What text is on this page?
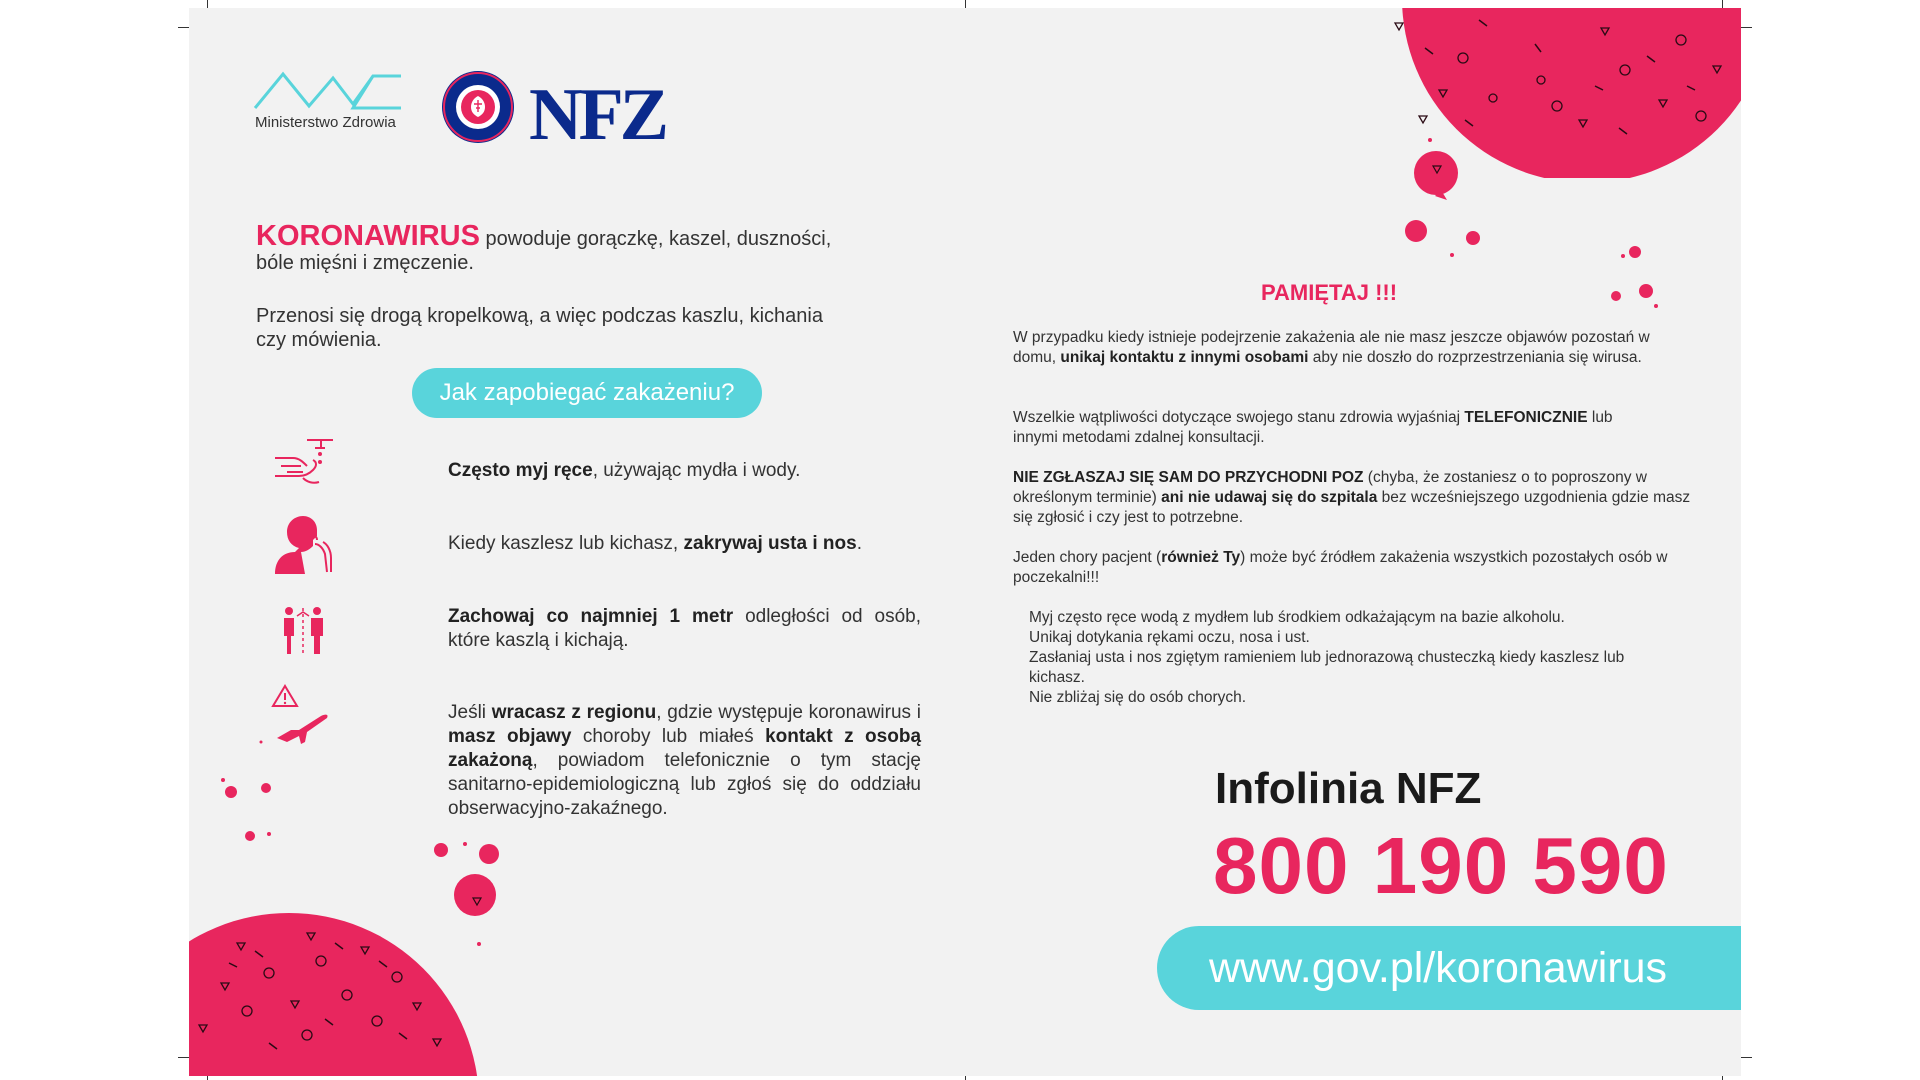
Ministerstwo Zdrowia NFZ
KORONAWIRUS powoduje gorączkę, kaszel, duszności,
bóle mięśni i zmęczenie.
Przenosi się drogą kropelkową, a więc podczas kaszlu, kichania
czy mówienia.
Jak zapobiegać zakażeniu?
Często myj ręce, używając mydła i wody.
Kiedy kaszlesz lub kichasz, zakrywaj usta i nos.
Zachowaj co najmniej 1 metr odległości od osób, które kaszlą i kichają.
Jeśli wracasz z regionu, gdzie występuje koronawirus i masz objawy choroby lub miałeś kontakt z osobą zakażoną, powiadom telefonicznie o tym stację sanitarno-epidemiologiczną lub zgłoś się do oddziału obserwacyjno-zakaźnego.
PAMIĘTAJ !!!
W przypadku kiedy istnieje podejrzenie zakażenia ale nie masz jeszcze objawów pozostań w domu, unikaj kontaktu z innymi osobami aby nie doszło do rozprzestrzeniania się wirusa.
Wszelkie wątpliwości dotyczące swojego stanu zdrowia wyjaśniaj TELEFONICZNIE lub innymi metodami zdalnej konsultacji.
NIE ZGŁASZAJ SIĘ SAM DO PRZYCHODNI POZ (chyba, że zostaniesz o to poproszony w określonym terminie) ani nie udawaj się do szpitala bez wcześniejszego uzgodnienia gdzie masz się zgłosić i czy jest to potrzebne.
Jeden chory pacjent (również Ty) może być źródłem zakażenia wszystkich pozostałych osób w poczekalni!!!
Myj często ręce wodą z mydłem lub środkiem odkażającym na bazie alkoholu.
Unikaj dotykania rękami oczu, nosa i ust.
Zasłaniaj usta i nos zgiętym ramieniem lub jednorazową chusteczką kiedy kaszlesz lub kichasz.
Nie zbliżaj się do osób chorych.
Infolinia NFZ
800 190 590
www.gov.pl/koronawirus
